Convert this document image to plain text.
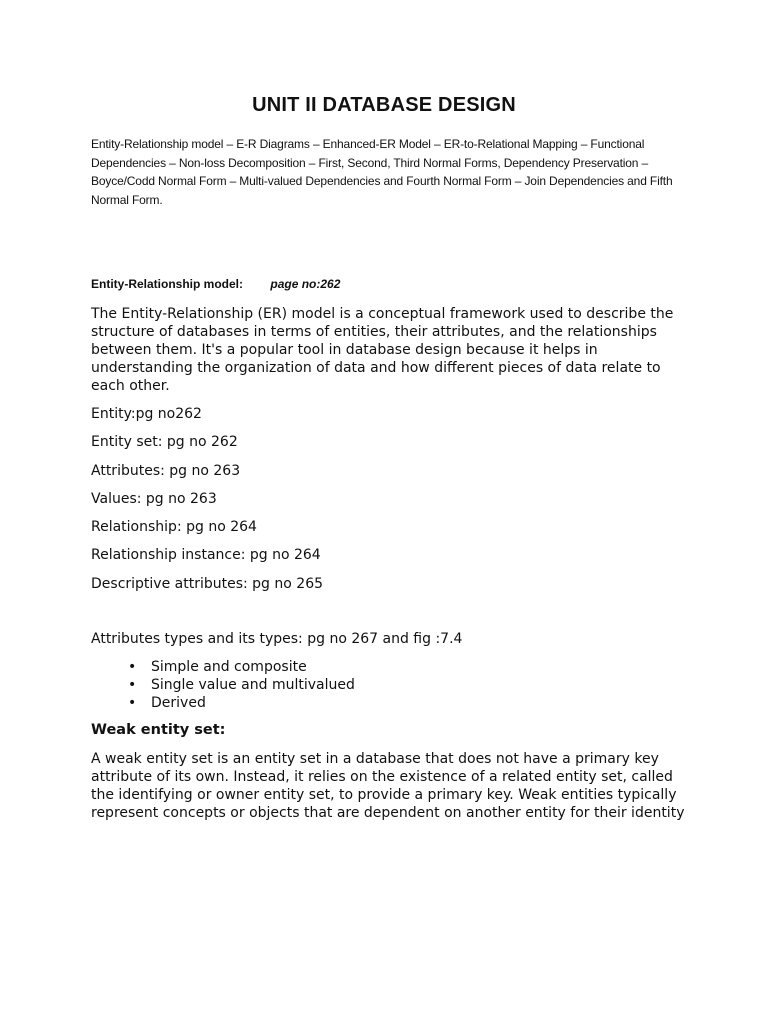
UNIT II DATABASE DESIGN
Entity-Relationship model – E-R Diagrams – Enhanced-ER Model – ER-to-Relational Mapping – Functional Dependencies – Non-loss Decomposition – First, Second, Third Normal Forms, Dependency Preservation – Boyce/Codd Normal Form – Multi-valued Dependencies and Fourth Normal Form – Join Dependencies and Fifth Normal Form.
Entity-Relationship model: page no:262
The Entity-Relationship (ER) model is a conceptual framework used to describe the structure of databases in terms of entities, their attributes, and the relationships between them. It's a popular tool in database design because it helps in understanding the organization of data and how different pieces of data relate to each other.
Entity:pg no262
Entity set: pg no 262
Attributes: pg no 263
Values: pg no 263
Relationship: pg no 264
Relationship instance: pg no 264
Descriptive attributes: pg no 265
Attributes types and its types: pg no 267 and fig :7.4
• Simple and composite
• Single value and multivalued
• Derived
Weak entity set:
A weak entity set is an entity set in a database that does not have a primary key attribute of its own. Instead, it relies on the existence of a related entity set, called the identifying or owner entity set, to provide a primary key. Weak entities typically represent concepts or objects that are dependent on another entity for their identity
